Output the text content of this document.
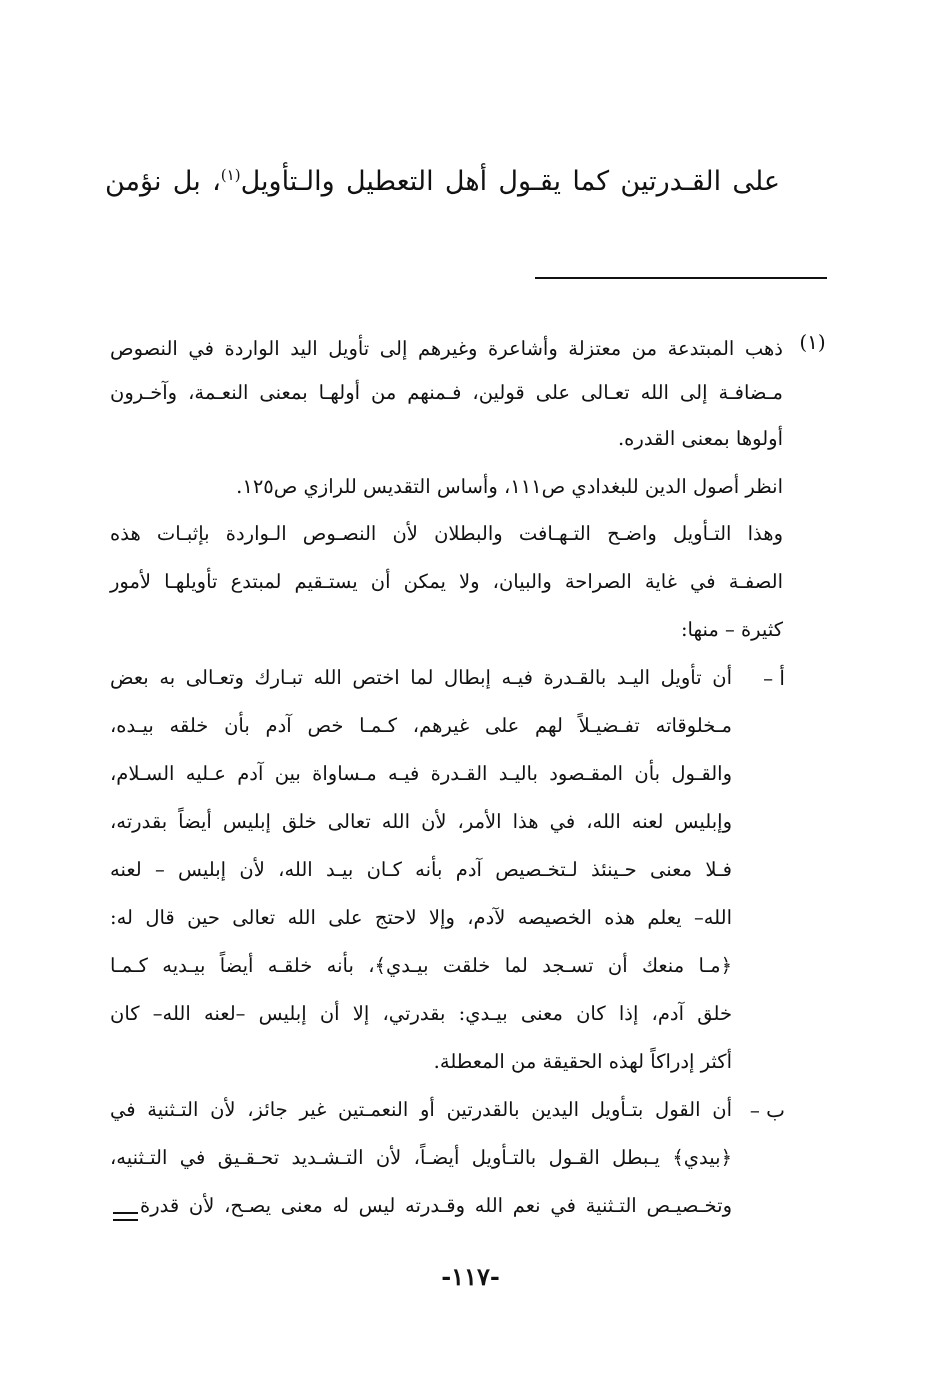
على القـدرتين كما يقـول أهل التعطيل والـتأويل$^{(١)}$، بل نؤمن
(١)
ذهب المبتدعة من معتزلة وأشاعرة وغيرهم إلى تأويل اليد الواردة في النصوص
مـضافـة إلى الله تعـالى على قولين، فـمنهم من أولهـا بمعنى النعـمة، وآخـرون
أولوها بمعنى القدره.
انظر أصول الدين للبغدادي ص١١١، وأساس التقديس للرازي ص١٢٥.
وهذا التـأويل واضـح التـهـافت والبطلان لأن النصـوص الـواردة بإثبـات هذه
الصفـة في غاية الصراحة والبيان، ولا يمكن أن يستـقيم لمبتدع تأويلهـا لأمور
كثيرة – منها:
أ –
أن تأويل اليـد بالقـدرة فيـه إبطال لما اختص الله تبـارك وتعـالى به بعض
مـخلوقاته تفـضيـلاً لهم على غيرهم، كـمـا خص آدم بأن خلقه بيـده،
والقـول بأن المقـصود باليـد القـدرة فيـه مـساواة بين آدم عـليه السـلام،
وإبليس لعنه الله، في هذا الأمر، لأن الله تعالى خلق إبليس أيضاً بقدرته،
فـلا معنى حـينئذ لـتخـصيص آدم بأنه كـان بيـد الله، لأن إبليس – لعنه
الله– يعلم هذه الخصيصه لآدم، وإلا لاحتج على الله تعالى حين قال له:
﴿مـا منعك أن تسـجد لما خلقت بيـدي﴾، بأنه خلقـه أيضاً بيـديه كـمـا
خلق آدم، إذا كان معنى بيـدي: بقدرتي، إلا أن إبليس –لعنه الله– كان
أكثر إدراكاً لهذه الحقيقة من المعطلة.
ب –
أن القول بتـأويل اليدين بالقدرتين أو النعمـتين غير جائز، لأن التـثنية في
﴿بيدي﴾ يـبطل القـول بالتـأويل أيضـاً، لأن التـشـديد تحـقـيق في التـثنيه،
وتخـصيـص التـثنية في نعم الله وقـدرته ليس له معنى يصـح، لأن قدرة
-١١٧-
